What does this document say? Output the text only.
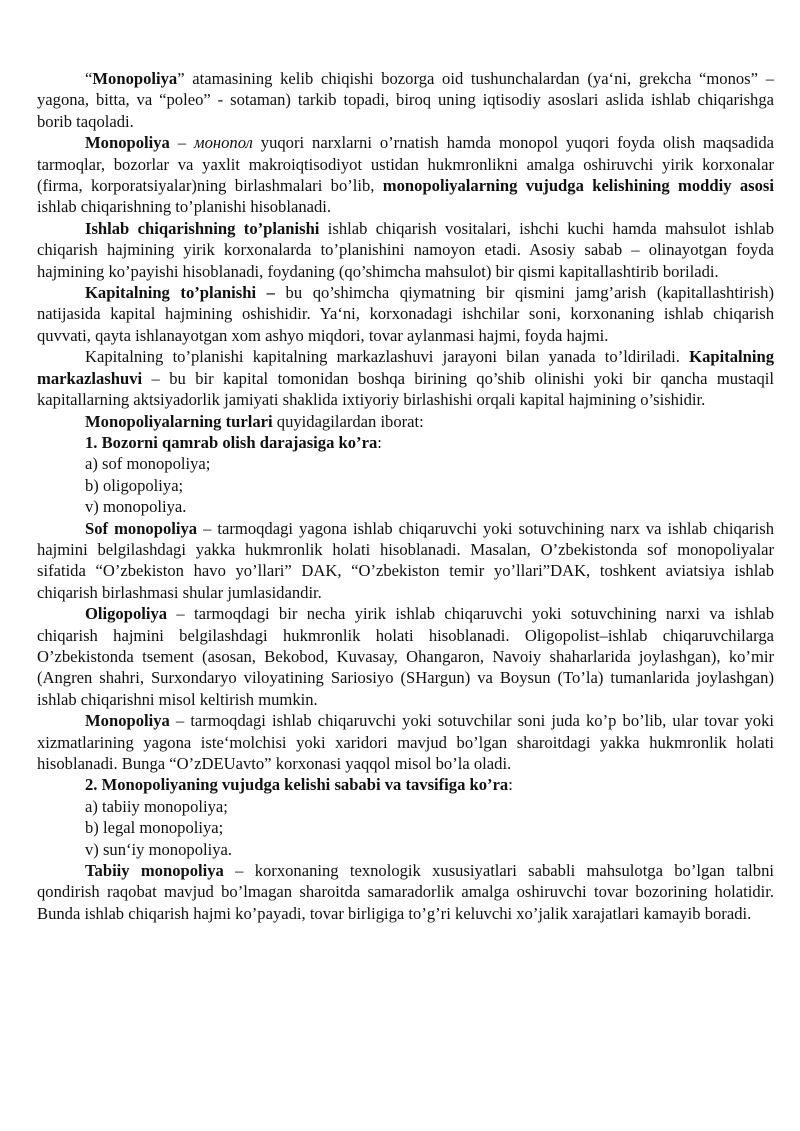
“Monopoliya” atamasining kelib chiqishi bozorga oid tushunchalardan (ya‘ni, grekcha “monos” – yagona, bitta, va “poleo” - sotaman) tarkib topadi, biroq uning iqtisodiy asoslari aslida ishlab chiqarishga borib taqoladi.

Monopoliya – монопол yuqori narxlarni o’rnatish hamda monopol yuqori foyda olish maqsadida tarmoqlar, bozorlar va yaxlit makroiqtisodiyot ustidan hukmronlikni amalga oshiruvchi yirik korxonalar (firma, korporatsiyalar)ning birlashmalari bo’lib, monopoliyalarning vujudga kelishining moddiy asosi ishlab chiqarishning to’planishi hisoblanadi.

Ishlab chiqarishning to’planishi ishlab chiqarish vositalari, ishchi kuchi hamda mahsulot ishlab chiqarish hajmining yirik korxonalarda to’planishini namoyon etadi. Asosiy sabab – olinayotgan foyda hajmining ko’payishi hisoblanadi, foydaning (qo’shimcha mahsulot) bir qismi kapitallashtirib boriladi.

Kapitalning to’planishi – bu qo’shimcha qiymatning bir qismini jamg’arish (kapitallashtirish) natijasida kapital hajmining oshishidir. Ya‘ni, korxonadagi ishchilar soni, korxonaning ishlab chiqarish quvvati, qayta ishlanayotgan xom ashyo miqdori, tovar aylanmasi hajmi, foyda hajmi.

Kapitalning to’planishi kapitalning markazlashuvi jarayoni bilan yanada to’ldiriladi. Kapitalning markazlashuvi – bu bir kapital tomonidan boshqa birining qo’shib olinishi yoki bir qancha mustaqil kapitallarning aktsiyadorlik jamiyati shaklida ixtiyoriy birlashishi orqali kapital hajmining o’sishidir.

Monopoliyalarning turlari quyidagilardan iborat:

1. Bozorni qamrab olish darajasiga ko’ra:

a) sof monopoliya;

b) oligopoliya;

v) monopoliya.

Sof monopoliya – tarmoqdagi yagona ishlab chiqaruvchi yoki sotuvchining narx va ishlab chiqarish hajmini belgilashdagi yakka hukmronlik holati hisoblanadi. Masalan, O’zbekistonda sof monopoliyalar sifatida “O’zbekiston havo yo’llari” DAK, “O’zbekiston temir yo’llari”DAK, toshkent aviatsiya ishlab chiqarish birlashmasi shular jumlasidandir.

Oligopoliya – tarmoqdagi bir necha yirik ishlab chiqaruvchi yoki sotuvchining narxi va ishlab chiqarish hajmini belgilashdagi hukmronlik holati hisoblanadi. Oligopolist–ishlab chiqaruvchilarga O’zbekistonda tsement (asosan, Bekobod, Kuvasay, Ohangaron, Navoiy shaharlarida joylashgan), ko’mir (Angren shahri, Surxondaryo viloyatining Sariosiyo (SHargun) va Boysun (To’la) tumanlarida joylashgan) ishlab chiqarishni misol keltirish mumkin.

Monopoliya – tarmoqdagi ishlab chiqaruvchi yoki sotuvchilar soni juda ko’p bo’lib, ular tovar yoki xizmatlarining yagona iste‘molchisi yoki xaridori mavjud bo’lgan sharoitdagi yakka hukmronlik holati hisoblanadi. Bunga “O’zDEUavto” korxonasi yaqqol misol bo’la oladi.

2. Monopoliyaning vujudga kelishi sababi va tavsifiga ko’ra:

a) tabiiy monopoliya;

b) legal monopoliya;

v) sun‘iy monopoliya.

Tabiiy monopoliya – korxonaning texnologik xususiyatlari sababli mahsulotga bo’lgan talbni qondirish raqobat mavjud bo’lmagan sharoitda samaradorlik amalga oshiruvchi tovar bozorining holatidir. Bunda ishlab chiqarish hajmi ko’payadi, tovar birligiga to’g’ri keluvchi xo’jalik xarajatlari kamayib boradi.
